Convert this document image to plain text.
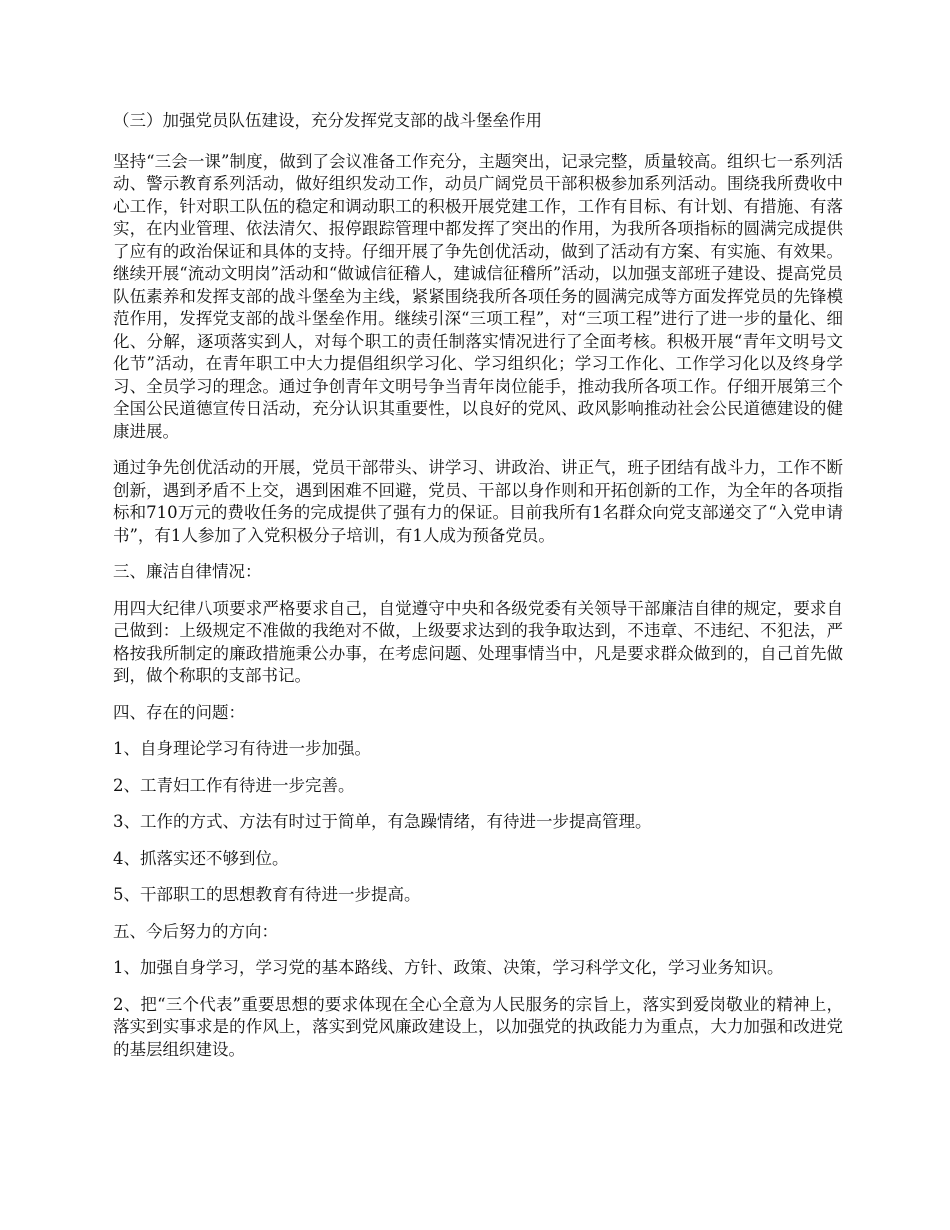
（三）加强党员队伍建设，充分发挥党支部的战斗堡垒作用

坚持“三会一课”制度，做到了会议准备工作充分，主题突出，记录完整，质量较高。组织七一系列活动、警示教育系列活动，做好组织发动工作，动员广阔党员干部积极参加系列活动。围绕我所费收中心工作，针对职工队伍的稳定和调动职工的积极开展党建工作，工作有目标、有计划、有措施、有落实，在内业管理、依法清欠、报停跟踪管理中都发挥了突出的作用，为我所各项指标的圆满完成提供了应有的政治保证和具体的支持。仔细开展了争先创优活动，做到了活动有方案、有实施、有效果。继续开展“流动文明岗”活动和“做诚信征稽人，建诚信征稽所”活动，以加强支部班子建设、提高党员队伍素养和发挥支部的战斗堡垒为主线，紧紧围绕我所各项任务的圆满完成等方面发挥党员的先锋模范作用，发挥党支部的战斗堡垒作用。继续引深“三项工程”，对“三项工程”进行了进一步的量化、细化、分解，逐项落实到人，对每个职工的责任制落实情况进行了全面考核。积极开展“青年文明号文化节”活动，在青年职工中大力提倡组织学习化、学习组织化；学习工作化、工作学习化以及终身学习、全员学习的理念。通过争创青年文明号争当青年岗位能手，推动我所各项工作。仔细开展第三个全国公民道德宣传日活动，充分认识其重要性，以良好的党风、政风影响推动社会公民道德建设的健康进展。

通过争先创优活动的开展，党员干部带头、讲学习、讲政治、讲正气，班子团结有战斗力，工作不断创新，遇到矛盾不上交，遇到困难不回避，党员、干部以身作则和开拓创新的工作，为全年的各项指标和710万元的费收任务的完成提供了强有力的保证。目前我所有1名群众向党支部递交了“入党申请书”，有1人参加了入党积极分子培训，有1人成为预备党员。

三、廉洁自律情况：

用四大纪律八项要求严格要求自己，自觉遵守中央和各级党委有关领导干部廉洁自律的规定，要求自己做到：上级规定不准做的我绝对不做，上级要求达到的我争取达到，不违章、不违纪、不犯法，严格按我所制定的廉政措施秉公办事，在考虑问题、处理事情当中，凡是要求群众做到的，自己首先做到，做个称职的支部书记。

四、存在的问题：

1、自身理论学习有待进一步加强。

2、工青妇工作有待进一步完善。

3、工作的方式、方法有时过于简单，有急躁情绪，有待进一步提高管理。

4、抓落实还不够到位。

5、干部职工的思想教育有待进一步提高。

五、今后努力的方向：

1、加强自身学习，学习党的基本路线、方针、政策、决策，学习科学文化，学习业务知识。

2、把“三个代表”重要思想的要求体现在全心全意为人民服务的宗旨上，落实到爱岗敬业的精神上，落实到实事求是的作风上，落实到党风廉政建设上，以加强党的执政能力为重点，大力加强和改进党的基层组织建设。
